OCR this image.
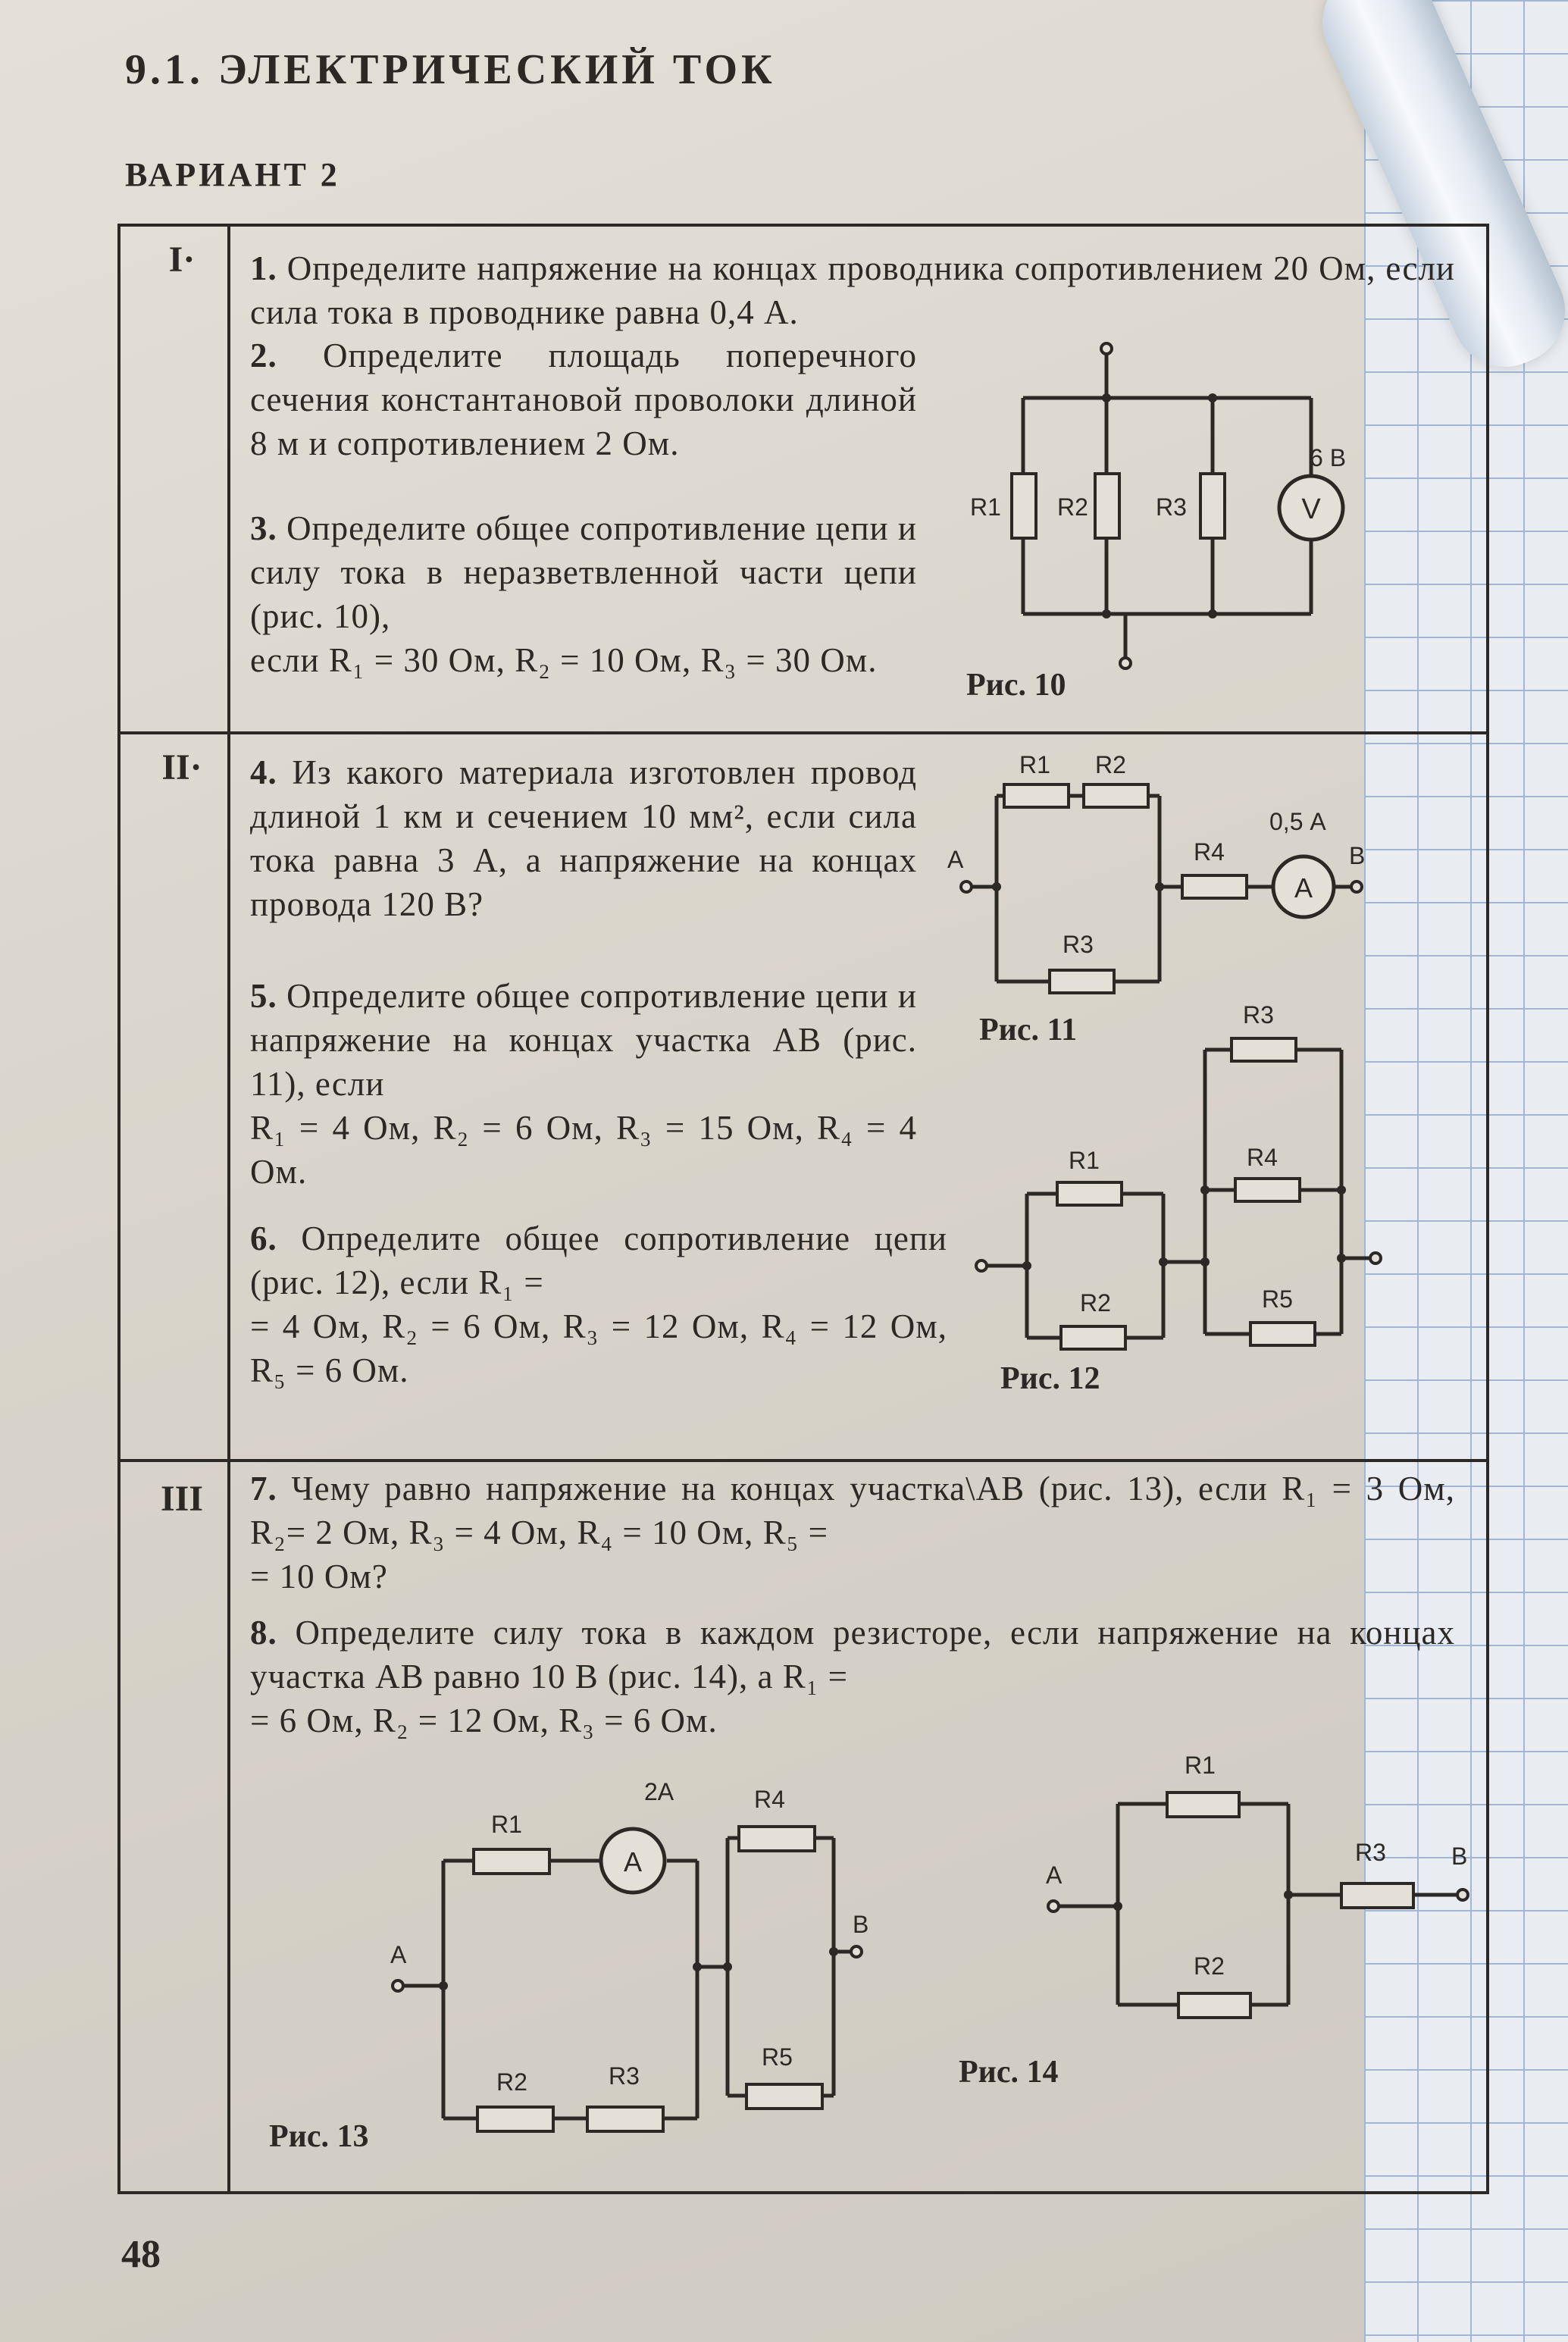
9.1. ЭЛЕКТРИЧЕСКИЙ ТОК
ВАРИАНТ 2
I·
II·
III
1. Определите напряжение на концах проводника сопротивлением 20 Ом, если сила тока в проводнике равна 0,4 А.
2. Определите площадь поперечного сечения константановой проволоки длиной 8 м и сопротивлением 2 Ом.
3. Определите общее сопротивление цепи и силу тока в неразветвленной части цепи (рис. 10),
если R₁ = 30 Ом, R₂ = 10 Ом, R₃ = 30 Ом.
V
R1 R2	R3
6 В
Рис. 10
4. Из какого материала изготовлен провод длиной 1 км и сечением 10 мм², если сила тока равна 3 А, а напряжение на концах провода 120 В?
5. Определите общее сопротивление цепи и напряжение на концах участка AB (рис. 11), если
R₁ = 4 Ом, R₂ = 6 Ом, R₃ = 15 Ом, R₄ = 4 Ом.
6. Определите общее сопротивление цепи (рис. 12), если R₁ =
= 4 Ом, R₂ = 6 Ом, R₃ = 12 Ом, R₄ = 12 Ом, R₅ = 6 Ом.
A
R1 R2
R3
R4
0,5 А
A	B
Рис. 11
R1
R2
R3
R4
R5
Рис. 12
7. Чему равно напряжение на концах участка\AB (рис. 13), если R₁ = 3 Ом, R₂= 2 Ом, R₃ = 4 Ом, R₄ = 10 Ом, R₅ =
= 10 Ом?
8. Определите силу тока в каждом резисторе, если напряжение на концах участка AB равно 10 В (рис. 14), а R₁ =
= 6 Ом, R₂ = 12 Ом, R₃ = 6 Ом.
A
R1
R2	R3
R4
R5
2A
A
B
Рис. 13
R1
R2
R3
A
B
Рис. 14
48
